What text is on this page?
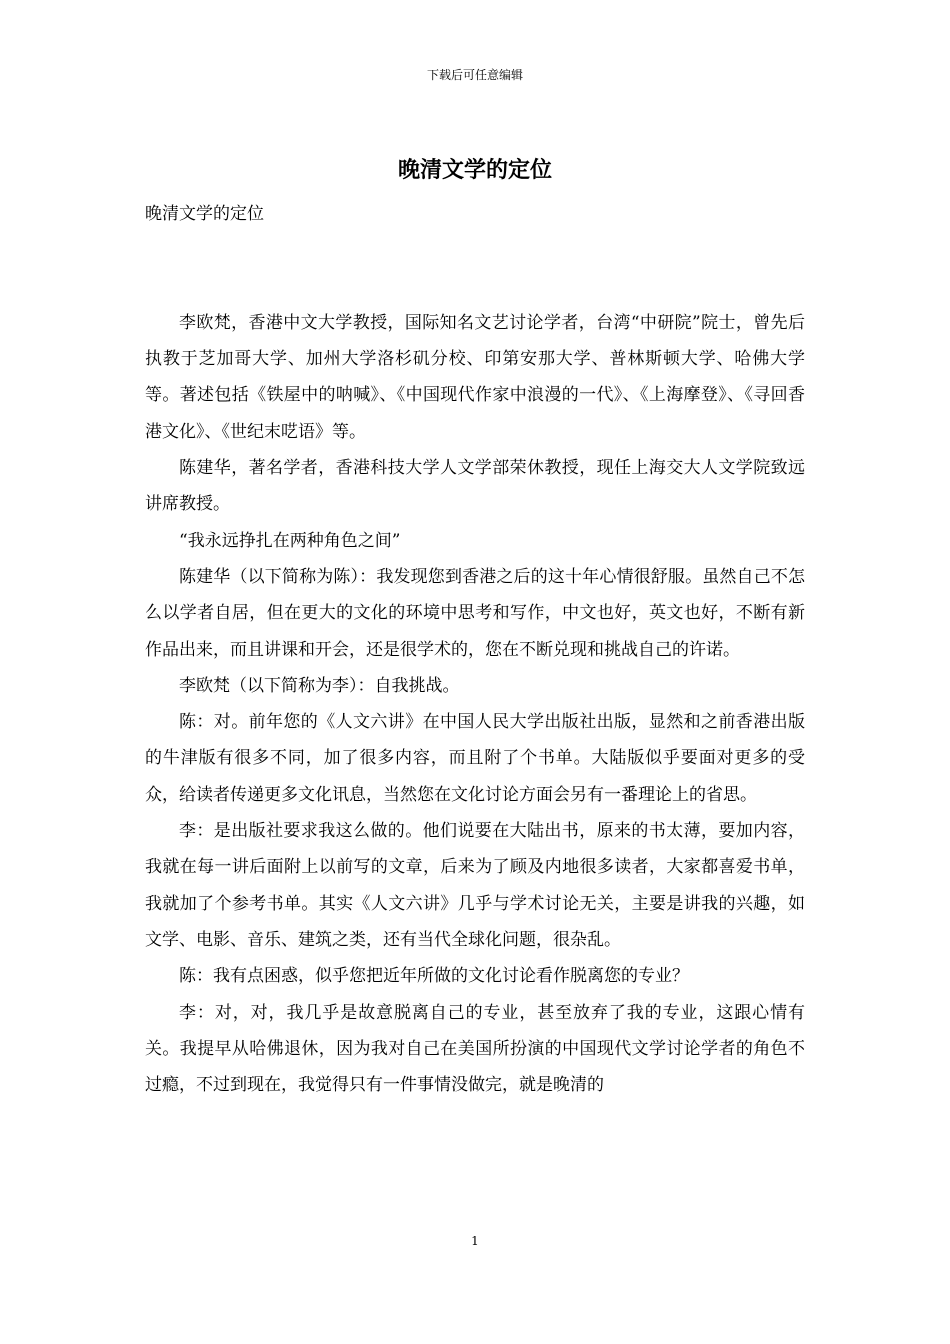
下载后可任意编辑
晚清文学的定位

晚清文学的定位

李欧梵，香港中文大学教授，国际知名文艺讨论学者，台湾“中研院”院士，曾先后执教于芝加哥大学、加州大学洛杉矶分校、印第安那大学、普林斯顿大学、哈佛大学等。著述包括《铁屋中的呐喊》、《中国现代作家中浪漫的一代》、《上海摩登》、《寻回香港文化》、《世纪末呓语》等。

陈建华，著名学者，香港科技大学人文学部荣休教授，现任上海交大人文学院致远讲席教授。

“我永远挣扎在两种角色之间”

陈建华（以下简称为陈）：我发现您到香港之后的这十年心情很舒服。虽然自己不怎么以学者自居，但在更大的文化的环境中思考和写作，中文也好，英文也好，不断有新作品出来，而且讲课和开会，还是很学术的，您在不断兑现和挑战自己的许诺。

李欧梵（以下简称为李）：自我挑战。

陈：对。前年您的《人文六讲》在中国人民大学出版社出版，显然和之前香港出版的牛津版有很多不同，加了很多内容，而且附了个书单。大陆版似乎要面对更多的受众，给读者传递更多文化讯息，当然您在文化讨论方面会另有一番理论上的省思。

李：是出版社要求我这么做的。他们说要在大陆出书，原来的书太薄，要加内容，我就在每一讲后面附上以前写的文章，后来为了顾及内地很多读者，大家都喜爱书单，我就加了个参考书单。其实《人文六讲》几乎与学术讨论无关，主要是讲我的兴趣，如文学、电影、音乐、建筑之类，还有当代全球化问题，很杂乱。

陈：我有点困惑，似乎您把近年所做的文化讨论看作脱离您的专业？

李：对，对，我几乎是故意脱离自己的专业，甚至放弃了我的专业，这跟心情有关。我提早从哈佛退休，因为我对自己在美国所扮演的中国现代文学讨论学者的角色不过瘾，不过到现在，我觉得只有一件事情没做完，就是晚清的

1
